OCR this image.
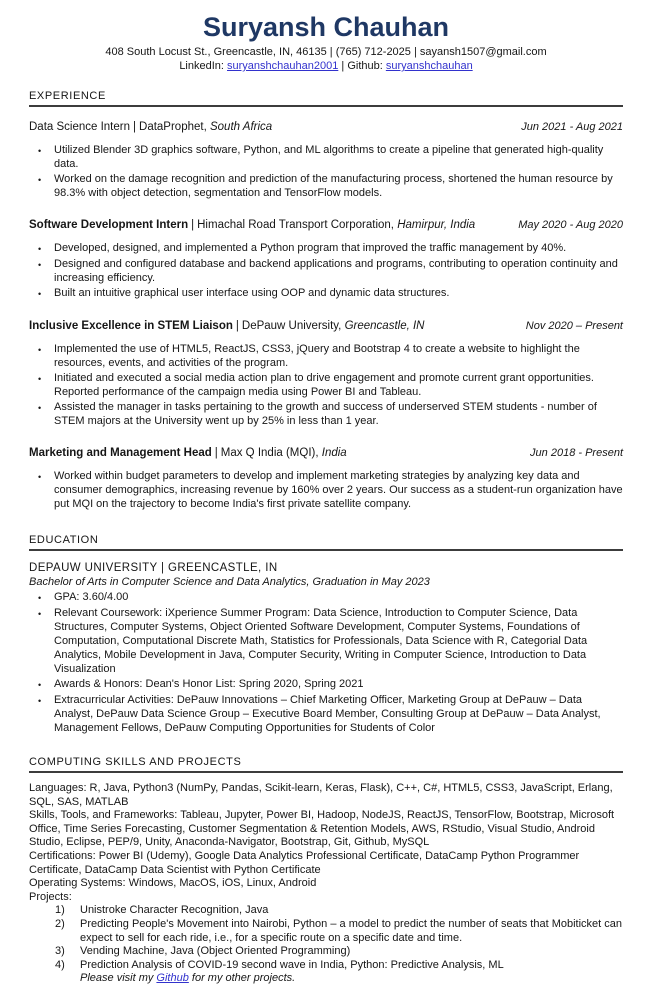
Suryansh Chauhan
408 South Locust St., Greencastle, IN, 46135 | (765) 712-2025 | sayansh1507@gmail.com
LinkedIn: suryanshchauhan2001 | Github: suryanshchauhan
EXPERIENCE
Data Science Intern | DataProphet, South Africa	Jun 2021 - Aug 2021
•	Utilized Blender 3D graphics software, Python, and ML algorithms to create a pipeline that generated high-quality data.
•	Worked on the damage recognition and prediction of the manufacturing process, shortened the human resource by 98.3% with object detection, segmentation and TensorFlow models.
Software Development Intern | Himachal Road Transport Corporation, Hamirpur, India	May 2020 - Aug 2020
•	Developed, designed, and implemented a Python program that improved the traffic management by 40%.
•	Designed and configured database and backend applications and programs, contributing to operation continuity and increasing efficiency.
•	Built an intuitive graphical user interface using OOP and dynamic data structures.
Inclusive Excellence in STEM Liaison | DePauw University, Greencastle, IN	Nov 2020 – Present
•	Implemented the use of HTML5, ReactJS, CSS3, jQuery and Bootstrap 4 to create a website to highlight the resources, events, and activities of the program.
•	Initiated and executed a social media action plan to drive engagement and promote current grant opportunities. Reported performance of the campaign media using Power BI and Tableau.
•	Assisted the manager in tasks pertaining to the growth and success of underserved STEM students - number of STEM majors at the University went up by 25% in less than 1 year.
Marketing and Management Head | Max Q India (MQI), India	Jun 2018 - Present
•	Worked within budget parameters to develop and implement marketing strategies by analyzing key data and consumer demographics, increasing revenue by 160% over 2 years. Our success as a student-run organization have put MQI on the trajectory to become India's first private satellite company.
EDUCATION
DEPAUW UNIVERSITY | GREENCASTLE, IN
Bachelor of Arts in Computer Science and Data Analytics, Graduation in May 2023
•	GPA: 3.60/4.00
•	Relevant Coursework: iXperience Summer Program: Data Science, Introduction to Computer Science, Data Structures, Computer Systems, Object Oriented Software Development, Computer Systems, Foundations of Computation, Computational Discrete Math, Statistics for Professionals, Data Science with R, Categorial Data Analytics, Mobile Development in Java, Computer Security, Writing in Computer Science, Introduction to Data Visualization
•	Awards & Honors: Dean's Honor List: Spring 2020, Spring 2021
•	Extracurricular Activities: DePauw Innovations – Chief Marketing Officer, Marketing Group at DePauw – Data Analyst, DePauw Data Science Group – Executive Board Member, Consulting Group at DePauw – Data Analyst, Management Fellows, DePauw Computing Opportunities for Students of Color
COMPUTING SKILLS AND PROJECTS
Languages: R, Java, Python3 (NumPy, Pandas, Scikit-learn, Keras, Flask), C++, C#, HTML5, CSS3, JavaScript, Erlang, SQL, SAS, MATLAB
Skills, Tools, and Frameworks: Tableau, Jupyter, Power BI, Hadoop, NodeJS, ReactJS, TensorFlow, Bootstrap, Microsoft Office, Time Series Forecasting, Customer Segmentation & Retention Models, AWS, RStudio, Visual Studio, Android Studio, Eclipse, PEP/9, Unity, Anaconda-Navigator, Bootstrap, Git, Github, MySQL
Certifications: Power BI (Udemy), Google Data Analytics Professional Certificate, DataCamp Python Programmer Certificate, DataCamp Data Scientist with Python Certificate
Operating Systems: Windows, MacOS, iOS, Linux, Android
Projects:
1)	Unistroke Character Recognition, Java
2)	Predicting People's Movement into Nairobi, Python – a model to predict the number of seats that Mobiticket can expect to sell for each ride, i.e., for a specific route on a specific date and time.
3)	Vending Machine, Java (Object Oriented Programming)
4)	Prediction Analysis of COVID-19 second wave in India, Python: Predictive Analysis, ML
Please visit my Github for my other projects.
